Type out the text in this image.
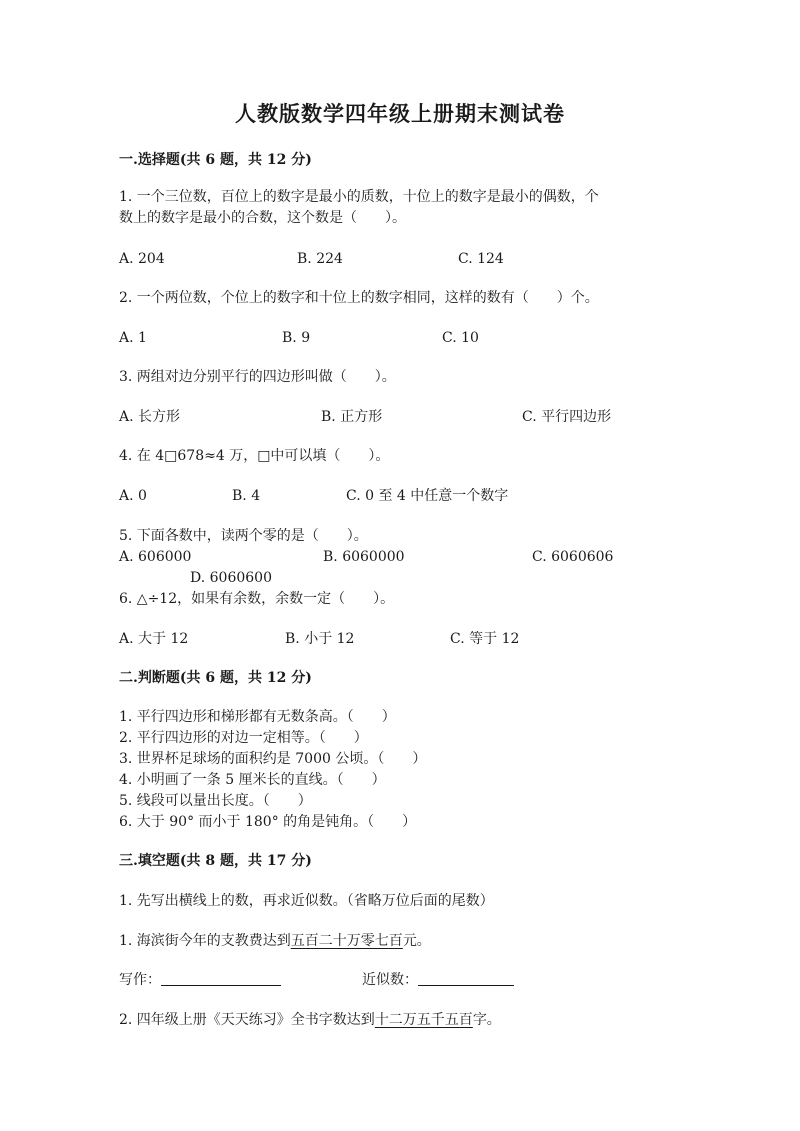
人教版数学四年级上册期末测试卷
一.选择题(共 6 题，共 12 分)
1. 一个三位数，百位上的数字是最小的质数，十位上的数字是最小的偶数，个
数上的数字是最小的合数，这个数是（　　）。
A. 204	B. 224	C. 124
2. 一个两位数，个位上的数字和十位上的数字相同，这样的数有（　　）个。
A. 1	B. 9	C. 10
3. 两组对边分别平行的四边形叫做（　　）。
A. 长方形	B. 正方形	C. 平行四边形
4. 在 4□678≈4 万，□中可以填（　　）。
A. 0	B. 4	C. 0 至 4 中任意一个数字
5. 下面各数中，读两个零的是（　　）。
A. 606000	B. 6060000	C. 6060606
D. 6060600
6. △÷12，如果有余数，余数一定（　　）。
A. 大于 12	B. 小于 12	C. 等于 12
二.判断题(共 6 题，共 12 分)
1. 平行四边形和梯形都有无数条高。（　　）
2. 平行四边形的对边一定相等。（　　）
3. 世界杯足球场的面积约是 7000 公顷。（　　）
4. 小明画了一条 5 厘米长的直线。（　　）
5. 线段可以量出长度。（　　）
6. 大于 90° 而小于 180° 的角是钝角。（　　）
三.填空题(共 8 题，共 17 分)
1. 先写出横线上的数，再求近似数。（省略万位后面的尾数）
1. 海滨街今年的支教费达到五百二十万零七百元。
写作：	近似数：
2. 四年级上册《天天练习》全书字数达到十二万五千五百字。
